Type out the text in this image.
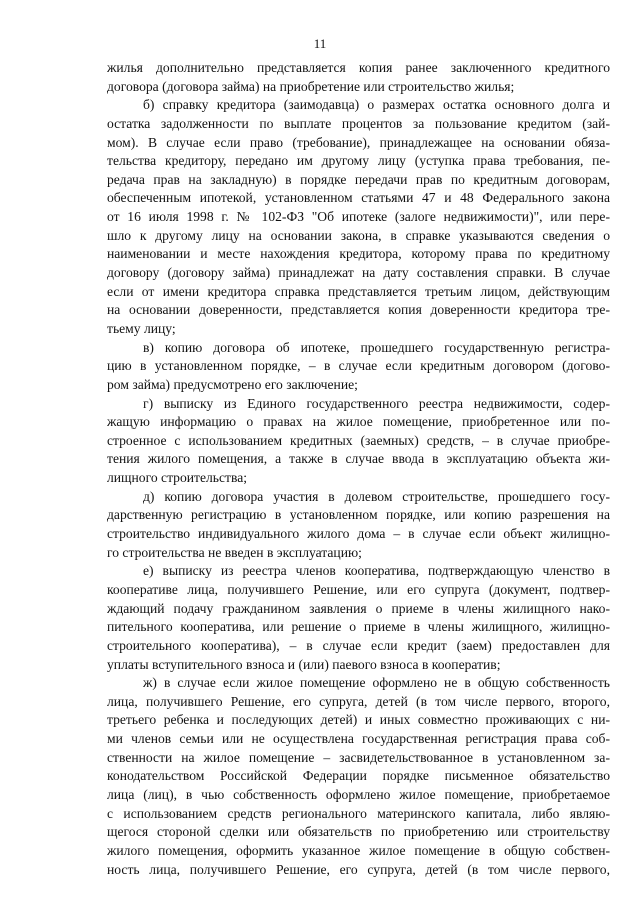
11
жилья дополнительно представляется копия ранее заключенного кредитного
договора (договора займа) на приобретение или строительство жилья;
б) справку кредитора (заимодавца) о размерах остатка основного долга и
остатка задолженности по выплате процентов за пользование кредитом (зай-
мом). В случае если право (требование), принадлежащее на основании обяза-
тельства кредитору, передано им другому лицу (уступка права требования, пе-
редача прав на закладную) в порядке передачи прав по кредитным договорам,
обеспеченным ипотекой, установленном статьями 47 и 48 Федерального закона
от 16 июля 1998 г. № 102-ФЗ "Об ипотеке (залоге недвижимости)", или пере-
шло к другому лицу на основании закона, в справке указываются сведения о
наименовании и месте нахождения кредитора, которому права по кредитному
договору (договору займа) принадлежат на дату составления справки. В случае
если от имени кредитора справка представляется третьим лицом, действующим
на основании доверенности, представляется копия доверенности кредитора тре-
тьему лицу;
в) копию договора об ипотеке, прошедшего государственную регистра-
цию в установленном порядке, – в случае если кредитным договором (догово-
ром займа) предусмотрено его заключение;
г) выписку из Единого государственного реестра недвижимости, содер-
жащую информацию о правах на жилое помещение, приобретенное или по-
строенное с использованием кредитных (заемных) средств, – в случае приобре-
тения жилого помещения, а также в случае ввода в эксплуатацию объекта жи-
лищного строительства;
д) копию договора участия в долевом строительстве, прошедшего госу-
дарственную регистрацию в установленном порядке, или копию разрешения на
строительство индивидуального жилого дома – в случае если объект жилищно-
го строительства не введен в эксплуатацию;
е) выписку из реестра членов кооператива, подтверждающую членство в
кооперативе лица, получившего Решение, или его супруга (документ, подтвер-
ждающий подачу гражданином заявления о приеме в члены жилищного нако-
пительного кооператива, или решение о приеме в члены жилищного, жилищно-
строительного кооператива), – в случае если кредит (заем) предоставлен для
уплаты вступительного взноса и (или) паевого взноса в кооператив;
ж) в случае если жилое помещение оформлено не в общую собственность
лица, получившего Решение, его супруга, детей (в том числе первого, второго,
третьего ребенка и последующих детей) и иных совместно проживающих с ни-
ми членов семьи или не осуществлена государственная регистрация права соб-
ственности на жилое помещение – засвидетельствованное в установленном за-
конодательством Российской Федерации порядке письменное обязательство
лица (лиц), в чью собственность оформлено жилое помещение, приобретаемое
с использованием средств регионального материнского капитала, либо являю-
щегося стороной сделки или обязательств по приобретению или строительству
жилого помещения, оформить указанное жилое помещение в общую собствен-
ность лица, получившего Решение, его супруга, детей (в том числе первого,
